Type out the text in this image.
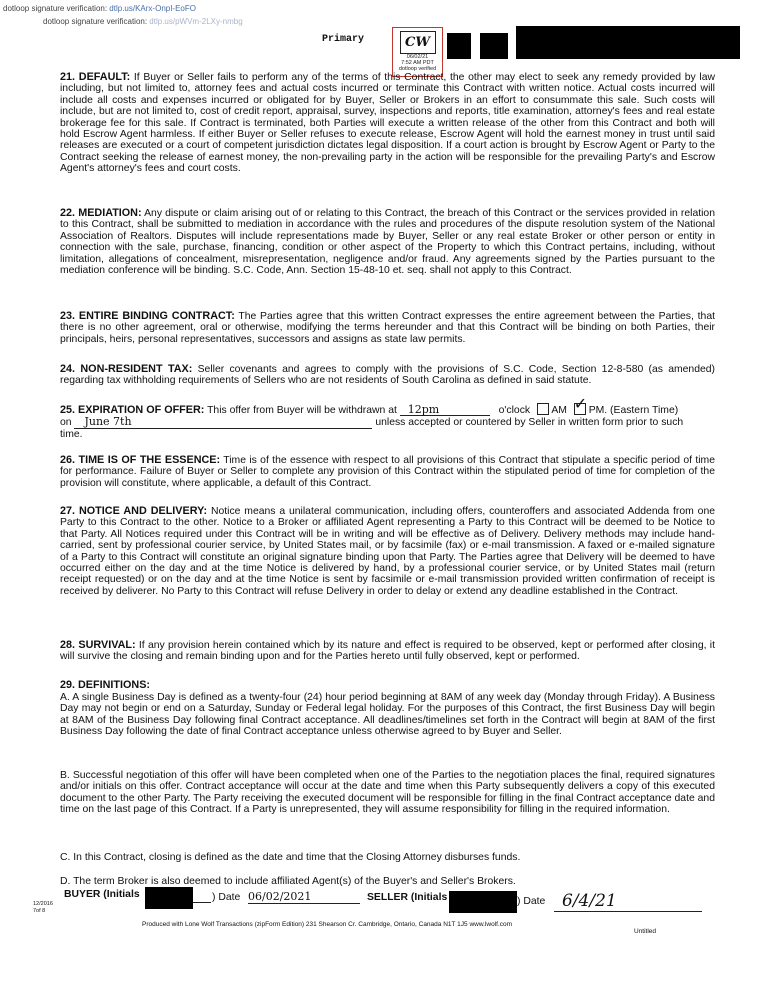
dotloop signature verification: dtlp.us/KArx-OnpI-EoFO
dotloop signature verification: dtlp.us/pWVm-2LXy-nmbg
Primary	CW
06/02/21
7:52 AM PDT
dotloop verified
21. DEFAULT: If Buyer or Seller fails to perform any of the terms of this Contract, the other may elect to seek any remedy provided by law including, but not limited to, attorney fees and actual costs incurred or terminate this Contract with written notice. Actual costs incurred will include all costs and expenses incurred or obligated for by Buyer, Seller or Brokers in an effort to consummate this sale. Such costs will include, but are not limited to, cost of credit report, appraisal, survey, inspections and reports, title examination, attorney's fees and real estate brokerage fee for this sale. If Contract is terminated, both Parties will execute a written release of the other from this Contract and both will hold Escrow Agent harmless. If either Buyer or Seller refuses to execute release, Escrow Agent will hold the earnest money in trust until said releases are executed or a court of competent jurisdiction dictates legal disposition. If a court action is brought by Escrow Agent or Party to the Contract seeking the release of earnest money, the non-prevailing party in the action will be responsible for the prevailing Party's and Escrow Agent's attorney's fees and court costs.
22. MEDIATION: Any dispute or claim arising out of or relating to this Contract, the breach of this Contract or the services provided in relation to this Contract, shall be submitted to mediation in accordance with the rules and procedures of the dispute resolution system of the National Association of Realtors. Disputes will include representations made by Buyer, Seller or any real estate Broker or other person or entity in connection with the sale, purchase, financing, condition or other aspect of the Property to which this Contract pertains, including, without limitation, allegations of concealment, misrepresentation, negligence and/or fraud. Any agreements signed by the Parties pursuant to the mediation conference will be binding. S.C. Code, Ann. Section 15-48-10 et. seq. shall not apply to this Contract.
23. ENTIRE BINDING CONTRACT: The Parties agree that this written Contract expresses the entire agreement between the Parties, that there is no other agreement, oral or otherwise, modifying the terms hereunder and that this Contract will be binding on both Parties, their principals, heirs, personal representatives, successors and assigns as state law permits.
24. NON-RESIDENT TAX: Seller covenants and agrees to comply with the provisions of S.C. Code, Section 12-8-580 (as amended) regarding tax withholding requirements of Sellers who are not residents of South Carolina as defined in said statute.
25. EXPIRATION OF OFFER: This offer from Buyer will be withdrawn at 12pm	o'clock AM ✓ PM. (Eastern Time)
on June 7th	unless accepted or countered by Seller in written form prior to such
time.
26. TIME IS OF THE ESSENCE: Time is of the essence with respect to all provisions of this Contract that stipulate a specific period of time for performance. Failure of Buyer or Seller to complete any provision of this Contract within the stipulated period of time for completion of the provision will constitute, where applicable, a default of this Contract.
27. NOTICE AND DELIVERY: Notice means a unilateral communication, including offers, counteroffers and associated Addenda from one Party to this Contract to the other. Notice to a Broker or affiliated Agent representing a Party to this Contract will be deemed to be Notice to that Party. All Notices required under this Contract will be in writing and will be effective as of Delivery. Delivery methods may include hand-carried, sent by professional courier service, by United States mail, or by facsimile (fax) or e-mail transmission. A faxed or e-mailed signature of a Party to this Contract will constitute an original signature binding upon that Party. The Parties agree that Delivery will be deemed to have occurred either on the day and at the time Notice is delivered by hand, by a professional courier service, or by United States mail (return receipt requested) or on the day and at the time Notice is sent by facsimile or e-mail transmission provided written confirmation of receipt is received by deliverer. No Party to this Contract will refuse Delivery in order to delay or extend any deadline established in the Contract.
28. SURVIVAL: If any provision herein contained which by its nature and effect is required to be observed, kept or performed after closing, it will survive the closing and remain binding upon and for the Parties hereto until fully observed, kept or performed.
29. DEFINITIONS:
A. A single Business Day is defined as a twenty-four (24) hour period beginning at 8AM of any week day (Monday through Friday). A Business Day may not begin or end on a Saturday, Sunday or Federal legal holiday. For the purposes of this Contract, the first Business Day will begin at 8AM of the Business Day following final Contract acceptance. All deadlines/timelines set forth in the Contract will begin at 8AM of the first Business Day following the date of final Contract acceptance unless otherwise agreed to by Buyer and Seller.
B. Successful negotiation of this offer will have been completed when one of the Parties to the negotiation places the final, required signatures and/or initials on this offer. Contract acceptance will occur at the date and time when this Party subsequently delivers a copy of this executed document to the other Party. The Party receiving the executed document will be responsible for filling in the final Contract acceptance date and time on the last page of this Contract. If a Party is unrepresented, they will assume responsibility for filling in the required information.
C. In this Contract, closing is defined as the date and time that the Closing Attorney disburses funds.
D. The term Broker is also deemed to include affiliated Agent(s) of the Buyer's and Seller's Brokers.
BUYER (Initials	) Date 06/02/2021	SELLER (Initials	) Date 6/4/21
12/2016
7of 8
Produced with Lone Wolf Transactions (zipForm Edition) 231 Shearson Cr. Cambridge, Ontario, Canada N1T 1J5 www.lwolf.com
Untitled
